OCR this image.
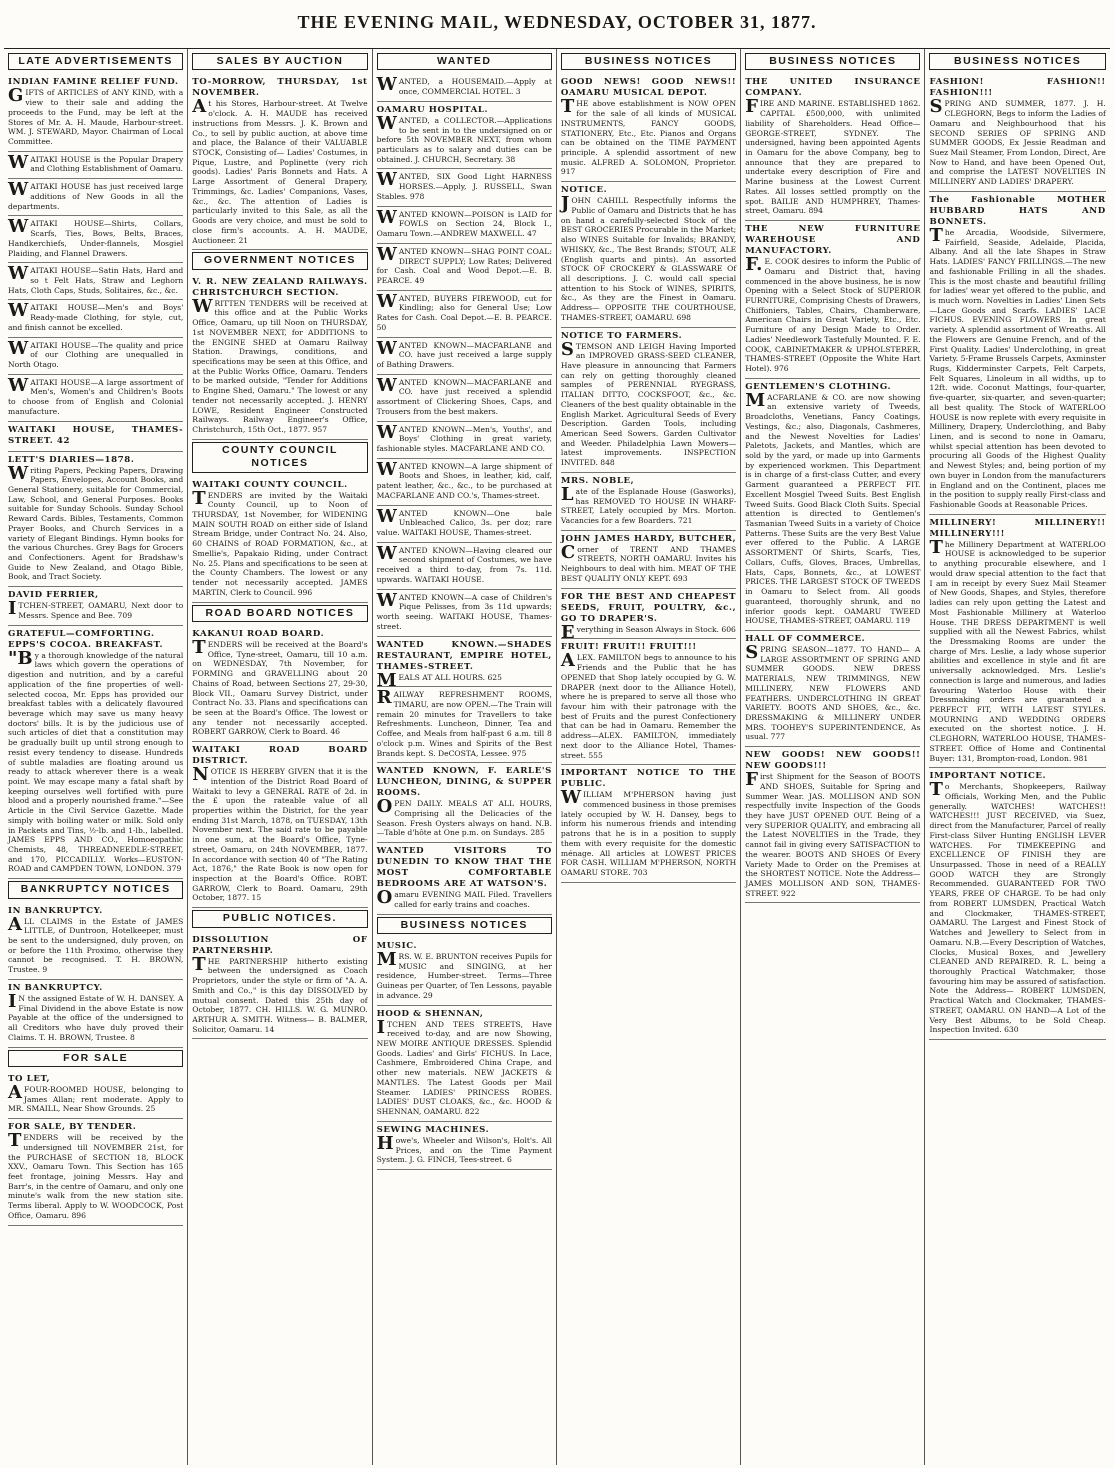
THE EVENING MAIL, WEDNESDAY, OCTOBER 31, 1877.
LATE ADVERTISEMENTS

INDIAN FAMINE RELIEF FUND.

GIFTS of ARTICLES of ANY KIND, with a view to their sale and adding the proceeds to the Fund, may be left at the Stores of Mr. A. H. Maude, Harbour-street. WM. J. STEWARD, Mayor. Chairman of Local Committee.

WAITAKI HOUSE is the Popular Drapery and Clothing Establishment of Oamaru.

WAITAKI HOUSE has just received large additions of New Goods in all the departments.

WAITAKI HOUSE—Shirts, Collars, Scarfs, Ties, Bows, Belts, Braces, Handkerchiefs, Under-flannels, Mosgiel Plaiding, and Flannel Drawers.

WAITAKI HOUSE—Satin Hats, Hard and so t Felt Hats, Straw and Leghorn Hats, Cloth Caps, Studs, Solitaires, &c., &c.

WAITAKI HOUSE—Men's and Boys' Ready-made Clothing, for style, cut, and finish cannot be excelled.

WAITAKI HOUSE—The quality and price of our Clothing are unequalled in North Otago.

WAITAKI HOUSE—A large assortment of Men's, Women's and Children's Boots to choose from of English and Colonial manufacture.

WAITAKI HOUSE, THAMES-STREET. 42

LETT'S DIARIES—1878.

Writing Papers, Pecking Papers, Drawing Papers, Envelopes, Account Books, and General Stationery, suitable for Commercial, Law, School, and General Purposes. Books suitable for Sunday Schools. Sunday School Reward Cards. Bibles, Testaments, Common Prayer Books, and Church Services in a variety of Elegant Bindings. Hymn books for the various Churches. Grey Bags for Grocers and Confectioners. Agent for Bradshaw's Guide to New Zealand, and Otago Bible, Book, and Tract Society.

DAVID FERRIER,

ITCHEN-STREET, OAMARU, Next door to Messrs. Spence and Bee. 709

GRATEFUL—COMFORTING. EPPS'S COCOA. BREAKFAST.

"By a thorough knowledge of the natural laws which govern the operations of digestion and nutrition, and by a careful application of the fine properties of well-selected cocoa, Mr. Epps has provided our breakfast tables with a delicately flavoured beverage which may save us many heavy doctors' bills. It is by the judicious use of such articles of diet that a constitution may be gradually built up until strong enough to resist every tendency to disease. Hundreds of subtle maladies are floating around us ready to attack wherever there is a weak point. We may escape many a fatal shaft by keeping ourselves well fortified with pure blood and a properly nourished frame."—See Article in the Civil Service Gazette. Made simply with boiling water or milk. Sold only in Packets and Tins, ½-lb. and 1-lb., labelled. JAMES EPPS AND CO., Homoeopathic Chemists, 48, THREADNEEDLE-STREET, and 170, PICCADILLY. Works—EUSTON-ROAD and CAMPDEN TOWN, LONDON. 379

BANKRUPTCY NOTICES

IN BANKRUPTCY.

ALL CLAIMS in the Estate of JAMES LITTLE, of Duntroon, Hotelkeeper, must be sent to the undersigned, duly proven, on or before the 11th Proximo, otherwise they cannot be recognised. T. H. BROWN, Trustee. 9

IN BANKRUPTCY.

IN the assigned Estate of W. H. DANSEY. A Final Dividend in the above Estate is now Payable at the office of the undersigned to all Creditors who have duly proved their Claims. T. H. BROWN, Trustee. 8

FOR SALE

TO LET,

AFOUR-ROOMED HOUSE, belonging to James Allan; rent moderate. Apply to MR. SMAILL, Near Show Grounds. 25

FOR SALE, BY TENDER.

TENDERS will be received by the undersigned till NOVEMBER 21st, for the PURCHASE of SECTION 18, BLOCK XXV., Oamaru Town. This Section has 165 feet frontage, joining Messrs. Hay and Barr's, in the centre of Oamaru, and only one minute's walk from the new station site. Terms liberal. Apply to W. WOODCOCK, Post Office, Oamaru. 896

SALES BY AUCTION

TO-MORROW, THURSDAY, 1st NOVEMBER.

At his Stores, Harbour-street. At Twelve o'clock. A. H. MAUDE has received instructions from Messrs. J. K. Brown and Co., to sell by public auction, at above time and place, the Balance of their VALUABLE STOCK, Consisting of— Ladies' Costumes, in Pique, Lustre, and Poplinette (very rich goods). Ladies' Paris Bonnets and Hats. A Large Assortment of General Drapery, Trimmings, &c. Ladies' Companions, Vases, &c., &c. The attention of Ladies is particularly invited to this Sale, as all the Goods are very choice, and must be sold to close firm's accounts. A. H. MAUDE, Auctioneer. 21

GOVERNMENT NOTICES

V. R. NEW ZEALAND RAILWAYS. CHRISTCHURCH SECTION.

WRITTEN TENDERS will be received at this office and at the Public Works Office, Oamaru, up till Noon on THURSDAY, 1st NOVEMBER NEXT, for ADDITIONS to the ENGINE SHED at Oamaru Railway Station. Drawings, conditions, and specifications may be seen at this Office, and at the Public Works Office, Oamaru. Tenders to be marked outside, "Tender for Additions to Engine Shed, Oamaru." The lowest or any tender not necessarily accepted. J. HENRY LOWE, Resident Engineer Constructed Railways. Railway Engineer's Office, Christchurch, 15th Oct., 1877. 957

COUNTY COUNCIL NOTICES

WAITAKI COUNTY COUNCIL.

TENDERS are invited by the Waitaki County Council, up to Noon of THURSDAY, 1st November, for WIDENING MAIN SOUTH ROAD on either side of Island Stream Bridge, under Contract No. 24. Also, 60 CHAINS of ROAD FORMATION, &c., at Smellie's, Papakaio Riding, under Contract No. 25. Plans and specifications to be seen at the County Chambers. The lowest or any tender not necessarily accepted. JAMES MARTIN, Clerk to Council. 996

ROAD BOARD NOTICES

KAKANUI ROAD BOARD.

TENDERS will be received at the Board's Office, Tyne-street, Oamaru, till 10 a.m. on WEDNESDAY, 7th November, for FORMING and GRAVELLING about 20 Chains of Road, between Sections 27, 29-30, Block VII., Oamaru Survey District, under Contract No. 33. Plans and specifications can be seen at the Board's Office. The lowest or any tender not necessarily accepted. ROBERT GARROW, Clerk to Board. 46

WAITAKI ROAD BOARD DISTRICT.

NOTICE IS HEREBY GIVEN that it is the intention of the District Road Board of Waitaki to levy a GENERAL RATE of 2d. in the £ upon the rateable value of all properties within the District, for the year ending 31st March, 1878, on TUESDAY, 13th November next. The said rate to be payable in one sum, at the Board's Office, Tyne-street, Oamaru, on 24th NOVEMBER, 1877. In accordance with section 40 of "The Rating Act, 1876," the Rate Book is now open for inspection at the Board's Office. ROBT. GARROW, Clerk to Board. Oamaru, 29th October, 1877. 15

PUBLIC NOTICES.

DISSOLUTION OF PARTNERSHIP.

THE PARTNERSHIP hitherto existing between the undersigned as Coach Proprietors, under the style or firm of "A. A. Smith and Co.," is this day DISSOLVED by mutual consent. Dated this 25th day of October, 1877. CH. HILLS. W. G. MUNRO. ARTHUR A. SMITH. Witness— B. BALMER, Solicitor, Oamaru. 14

WANTED

WANTED, a HOUSEMAID.—Apply at once, COMMERCIAL HOTEL. 3

OAMARU HOSPITAL.

WANTED, a COLLECTOR.—Applications to be sent in to the undersigned on or before 5th NOVEMBER NEXT, from whom particulars as to salary and duties can be obtained. J. CHURCH, Secretary. 38

WANTED, SIX Good Light HARNESS HORSES.—Apply, J. RUSSELL, Swan Stables. 978

WANTED KNOWN—POISON is LAID for FOWLS on Section 24, Block I., Oamaru Town.—ANDREW MAXWELL. 47

WANTED KNOWN—SHAG POINT COAL: DIRECT SUPPLY; Low Rates; Delivered for Cash. Coal and Wood Depot.—E. B. PEARCE. 49

WANTED, BUYERS FIREWOOD, cut for Kindling; also for General Use; Low Rates for Cash. Coal Depot.—E. B. PEARCE. 50

WANTED KNOWN—MACFARLANE and CO. have just received a large supply of Bathing Drawers.

WANTED KNOWN—MACFARLANE and CO. have just received a splendid assortment of Clickering Shoes, Caps, and Trousers from the best makers.

WANTED KNOWN—Men's, Youths', and Boys' Clothing in great variety, fashionable styles. MACFARLANE AND CO.

WANTED KNOWN—A large shipment of Boots and Shoes, in leather, kid, calf, patent leather, &c., &c., to be purchased at MACFARLANE AND CO.'s, Thames-street.

WANTED KNOWN—One bale Unbleached Calico, 3s. per doz; rare value. WAITAKI HOUSE, Thames-street.

WANTED KNOWN—Having cleared our second shipment of Costumes, we have received a third to-day, from 7s. 11d. upwards. WAITAKI HOUSE.

WANTED KNOWN—A case of Children's Pique Pelisses, from 3s 11d upwards; worth seeing. WAITAKI HOUSE, Thames-street.

WANTED KNOWN.—SHADES RESTAURANT, EMPIRE HOTEL, THAMES-STREET.

MEALS AT ALL HOURS. 625

RAILWAY REFRESHMENT ROOMS, TIMARU, are now OPEN.—The Train will remain 20 minutes for Travellers to take Refreshments. Luncheon, Dinner, Tea and Coffee, and Meals from half-past 6 a.m. till 8 o'clock p.m. Wines and Spirits of the Best Brands kept. S. DeCOSTA, Lessee. 975

WANTED KNOWN, F. EARLE'S LUNCHEON, DINING, & SUPPER ROOMS.

OPEN DAILY. MEALS AT ALL HOURS, Comprising all the Delicacies of the Season. Fresh Oysters always on hand. N.B.—Table d'hôte at One p.m. on Sundays. 285

WANTED VISITORS TO DUNEDIN TO KNOW THAT THE MOST COMFORTABLE BEDROOMS ARE AT WATSON'S.

Oamaru EVENING MAIL Filed. Travellers called for early trains and coaches.

BUSINESS NOTICES

MUSIC.

MRS. W. E. BRUNTON receives Pupils for MUSIC and SINGING, at her residence, Humber-street. Terms—Three Guineas per Quarter, of Ten Lessons, payable in advance. 29

HOOD & SHENNAN,

ITCHEN AND TEES STREETS, Have received to-day, and are now Showing, NEW MOIRE ANTIQUE DRESSES. Splendid Goods. Ladies' and Girls' FICHUS. In Lace, Cashmere, Embroidered China Crape, and other new materials. NEW JACKETS & MANTLES. The Latest Goods per Mail Steamer. LADIES' PRINCESS ROBES. LADIES' DUST CLOAKS, &c., &c. HOOD & SHENNAN, OAMARU. 822

SEWING MACHINES.

Howe's, Wheeler and Wilson's, Holt's. All Prices, and on the Time Payment System. J. G. FINCH, Tees-street. 6

BUSINESS NOTICES

GOOD NEWS! GOOD NEWS!! OAMARU MUSICAL DEPOT.

THE above establishment is NOW OPEN for the sale of all kinds of MUSICAL INSTRUMENTS, FANCY GOODS, STATIONERY, Etc., Etc. Pianos and Organs can be obtained on the TIME PAYMENT principle. A splendid assortment of new music. ALFRED A. SOLOMON, Proprietor. 917

NOTICE.

JOHN CAHILL Respectfully informs the Public of Oamaru and Districts that he has on hand a carefully-selected Stock of the BEST GROCERIES Procurable in the Market; also WINES Suitable for Invalids; BRANDY, WHISKY, &c., The Best Brands; STOUT, ALE (English quarts and pints). An assorted STOCK OF CROCKERY & GLASSWARE Of all descriptions. J. C. would call special attention to his Stock of WINES, SPIRITS, &c., As they are the Finest in Oamaru. Address— OPPOSITE THE COURTHOUSE, THAMES-STREET, OAMARU. 698

NOTICE TO FARMERS.

STEMSON AND LEIGH Having Imported an IMPROVED GRASS-SEED CLEANER, Have pleasure in announcing that Farmers can rely on getting thoroughly cleaned samples of PERENNIAL RYEGRASS, ITALIAN DITTO, COCKSFOOT, &c., &c. Cleaners of the best quality obtainable in the English Market. Agricultural Seeds of Every Description. Garden Tools, including American Seed Sowers. Garden Cultivator and Weeder. Philadelphia Lawn Mowers—latest improvements. INSPECTION INVITED. 848

MRS. NOBLE,

Late of the Esplanade House (Gasworks), has REMOVED TO HOUSE IN WHARF-STREET, Lately occupied by Mrs. Morton. Vacancies for a few Boarders. 721

JOHN JAMES HARDY, BUTCHER,

Corner of TRENT AND THAMES STREETS, NORTH OAMARU. Invites his Neighbours to deal with him. MEAT OF THE BEST QUALITY ONLY KEPT. 693

FOR THE BEST AND CHEAPEST SEEDS, FRUIT, POULTRY, &c., GO TO DRAPER'S.

Everything in Season Always in Stock. 606

FRUIT! FRUIT!! FRUIT!!!

ALEX. FAMILTON begs to announce to his Friends and the Public that he has OPENED that Shop lately occupied by G. W. DRAPER (next door to the Alliance Hotel), where he is prepared to serve all those who favour him with their patronage with the best of Fruits and the purest Confectionery that can be had in Oamaru. Remember the address—ALEX. FAMILTON, immediately next door to the Alliance Hotel, Thames-street. 555

IMPORTANT NOTICE TO THE PUBLIC.

WILLIAM M'PHERSON having just commenced business in those premises lately occupied by W. H. Dansey, begs to inform his numerous friends and intending patrons that he is in a position to supply them with every requisite for the domestic ménage. All articles at LOWEST PRICES FOR CASH. WILLIAM M'PHERSON, NORTH OAMARU STORE. 703

BUSINESS NOTICES

THE UNITED INSURANCE COMPANY.

FIRE AND MARINE. ESTABLISHED 1862. CAPITAL £500,000, with unlimited liability of Shareholders. Head Office—GEORGE-STREET, SYDNEY. The undersigned, having been appointed Agents in Oamaru for the above Company, beg to announce that they are prepared to undertake every description of Fire and Marine business at the Lowest Current Rates. All losses settled promptly on the spot. BAILIE AND HUMPHREY, Thames-street, Oamaru. 894

THE NEW FURNITURE WAREHOUSE AND MANUFACTORY.

F.E. COOK desires to inform the Public of Oamaru and District that, having commenced in the above business, he is now Opening with a Select Stock of SUPERIOR FURNITURE, Comprising Chests of Drawers, Chiffoniers, Tables, Chairs, Chamberware, American Chairs in Great Variety, Etc., Etc. Furniture of any Design Made to Order. Ladies' Needlework Tastefully Mounted. F. E. COOK, CABINETMAKER & UPHOLSTERER, THAMES-STREET (Opposite the White Hart Hotel). 976

GENTLEMEN'S CLOTHING.

MACFARLANE & CO. are now showing an extensive variety of Tweeds, Broadcloths, Venetians, Fancy Coatings, Vestings, &c.; also, Diagonals, Cashmeres, and the Newest Novelties for Ladies' Paletots, Jackets, and Mantles, which are sold by the yard, or made up into Garments by experienced workmen. This Department is in charge of a first-class Cutter, and every Garment guaranteed a PERFECT FIT. Excellent Mosgiel Tweed Suits. Best English Tweed Suits. Good Black Cloth Suits. Special attention is directed to Gentlemen's Tasmanian Tweed Suits in a variety of Choice Patterns. These Suits are the very Best Value ever offered to the Public. A LARGE ASSORTMENT Of Shirts, Scarfs, Ties, Collars, Cuffs, Gloves, Braces, Umbrellas, Hats, Caps, Bonnets, &c., at LOWEST PRICES. THE LARGEST STOCK OF TWEEDS in Oamaru to Select from. All goods guaranteed, thoroughly shrunk, and no inferior goods kept. OAMARU TWEED HOUSE, THAMES-STREET, OAMARU. 119

HALL OF COMMERCE.

SPRING SEASON—1877. TO HAND— A LARGE ASSORTMENT OF SPRING AND SUMMER GOODS. NEW DRESS MATERIALS, NEW TRIMMINGS, NEW MILLINERY, NEW FLOWERS AND FEATHERS. UNDERCLOTHING IN GREAT VARIETY. BOOTS AND SHOES, &c., &c. DRESSMAKING & MILLINERY UNDER MRS. TOOHEY'S SUPERINTENDENCE, As usual. 777

NEW GOODS! NEW GOODS!! NEW GOODS!!!

First Shipment for the Season of BOOTS AND SHOES, Suitable for Spring and Summer Wear. JAS. MOLLISON AND SON respectfully invite Inspection of the Goods they have JUST OPENED OUT. Being of a very SUPERIOR QUALITY, and embracing all the Latest NOVELTIES in the Trade, they cannot fail in giving every SATISFACTION to the wearer. BOOTS AND SHOES Of Every Variety Made to Order on the Premises at the SHORTEST NOTICE. Note the Address— JAMES MOLLISON AND SON, THAMES-STREET. 922

BUSINESS NOTICES

FASHION! FASHION!! FASHION!!!

SPRING AND SUMMER, 1877. J. H. CLEGHORN, Begs to inform the Ladies of Oamaru and Neighbourhood that his SECOND SERIES OF SPRING AND SUMMER GOODS, Ex Jessie Readman and Suez Mail Steamer, From London, Direct, Are Now to Hand, and have been Opened Out, and comprise the LATEST NOVELTIES IN MILLINERY AND LADIES' DRAPERY.

The Fashionable MOTHER HUBBARD HATS AND BONNETS.

The Arcadia, Woodside, Silvermere, Fairfield, Seaside, Adelaide, Placida, Albany. And all the late Shapes in Straw Hats. LADIES' FANCY FRILLINGS.—The new and fashionable Frilling in all the shades. This is the most chaste and beautiful frilling for ladies' wear yet offered to the public, and is much worn. Novelties in Ladies' Linen Sets—Lace Goods and Scarfs. LADIES' LACE FICHUS. EVENING FLOWERS In great variety. A splendid assortment of Wreaths. All the Flowers are Genuine French, and of the First Quality. Ladies' Underclothing, in great Variety. 5-Frame Brussels Carpets, Axminster Rugs, Kidderminster Carpets, Felt Carpets, Felt Squares, Linoleum in all widths, up to 12ft. wide. Coconut Mattings, four-quarter, five-quarter, six-quarter, and seven-quarter; all best quality. The Stock of WATERLOO HOUSE is now replete with every requisite in Millinery, Drapery, Underclothing, and Baby Linen, and is second to none in Oamaru, whilst special attention has been devoted to procuring all Goods of the Highest Quality and Newest Styles; and, being portion of my own buyer in London from the manufacturers in England and on the Continent, places me in the position to supply really First-class and Fashionable Goods at Reasonable Prices.

MILLINERY! MILLINERY!! MILLINERY!!!

The Millinery Department at WATERLOO HOUSE is acknowledged to be superior to anything procurable elsewhere, and I would draw special attention to the fact that I am in receipt by every Suez Mail Steamer of New Goods, Shapes, and Styles, therefore ladies can rely upon getting the Latest and Most Fashionable Millinery at Waterloo House. THE DRESS DEPARTMENT is well supplied with all the Newest Fabrics, whilst the Dressmaking Rooms are under the charge of Mrs. Leslie, a lady whose superior abilities and excellence in style and fit are universally acknowledged. Mrs. Leslie's connection is large and numerous, and ladies favouring Waterloo House with their Dressmaking orders are guaranteed a PERFECT FIT, WITH LATEST STYLES. MOURNING AND WEDDING ORDERS executed on the shortest notice. J. H. CLEGHORN, WATERLOO HOUSE, THAMES-STREET. Office of Home and Continental Buyer: 131, Brompton-road, London. 981

IMPORTANT NOTICE.

To Merchants, Shopkeepers, Railway Officials, Working Men, and the Public generally. WATCHES! WATCHES!! WATCHES!!! JUST RECEIVED, via Suez, direct from the Manufacturer, Parcel of really First-class Silver Hunting ENGLISH LEVER WATCHES. For TIMEKEEPING and EXCELLENCE OF FINISH they are Unsurpassed. Those in need of a REALLY GOOD WATCH they are Strongly Recommended. GUARANTEED FOR TWO YEARS, FREE OF CHARGE. To be had only from ROBERT LUMSDEN, Practical Watch and Clockmaker, THAMES-STREET, OAMARU. The Largest and Finest Stock of Watches and Jewellery to Select from in Oamaru. N.B.—Every Description of Watches, Clocks, Musical Boxes, and Jewellery CLEANED AND REPAIRED. R. L. being a thoroughly Practical Watchmaker, those favouring him may be assured of satisfaction. Note the Address— ROBERT LUMSDEN, Practical Watch and Clockmaker, THAMES-STREET, OAMARU. ON HAND—A Lot of the Very Best Albums, to be Sold Cheap. Inspection Invited. 630
